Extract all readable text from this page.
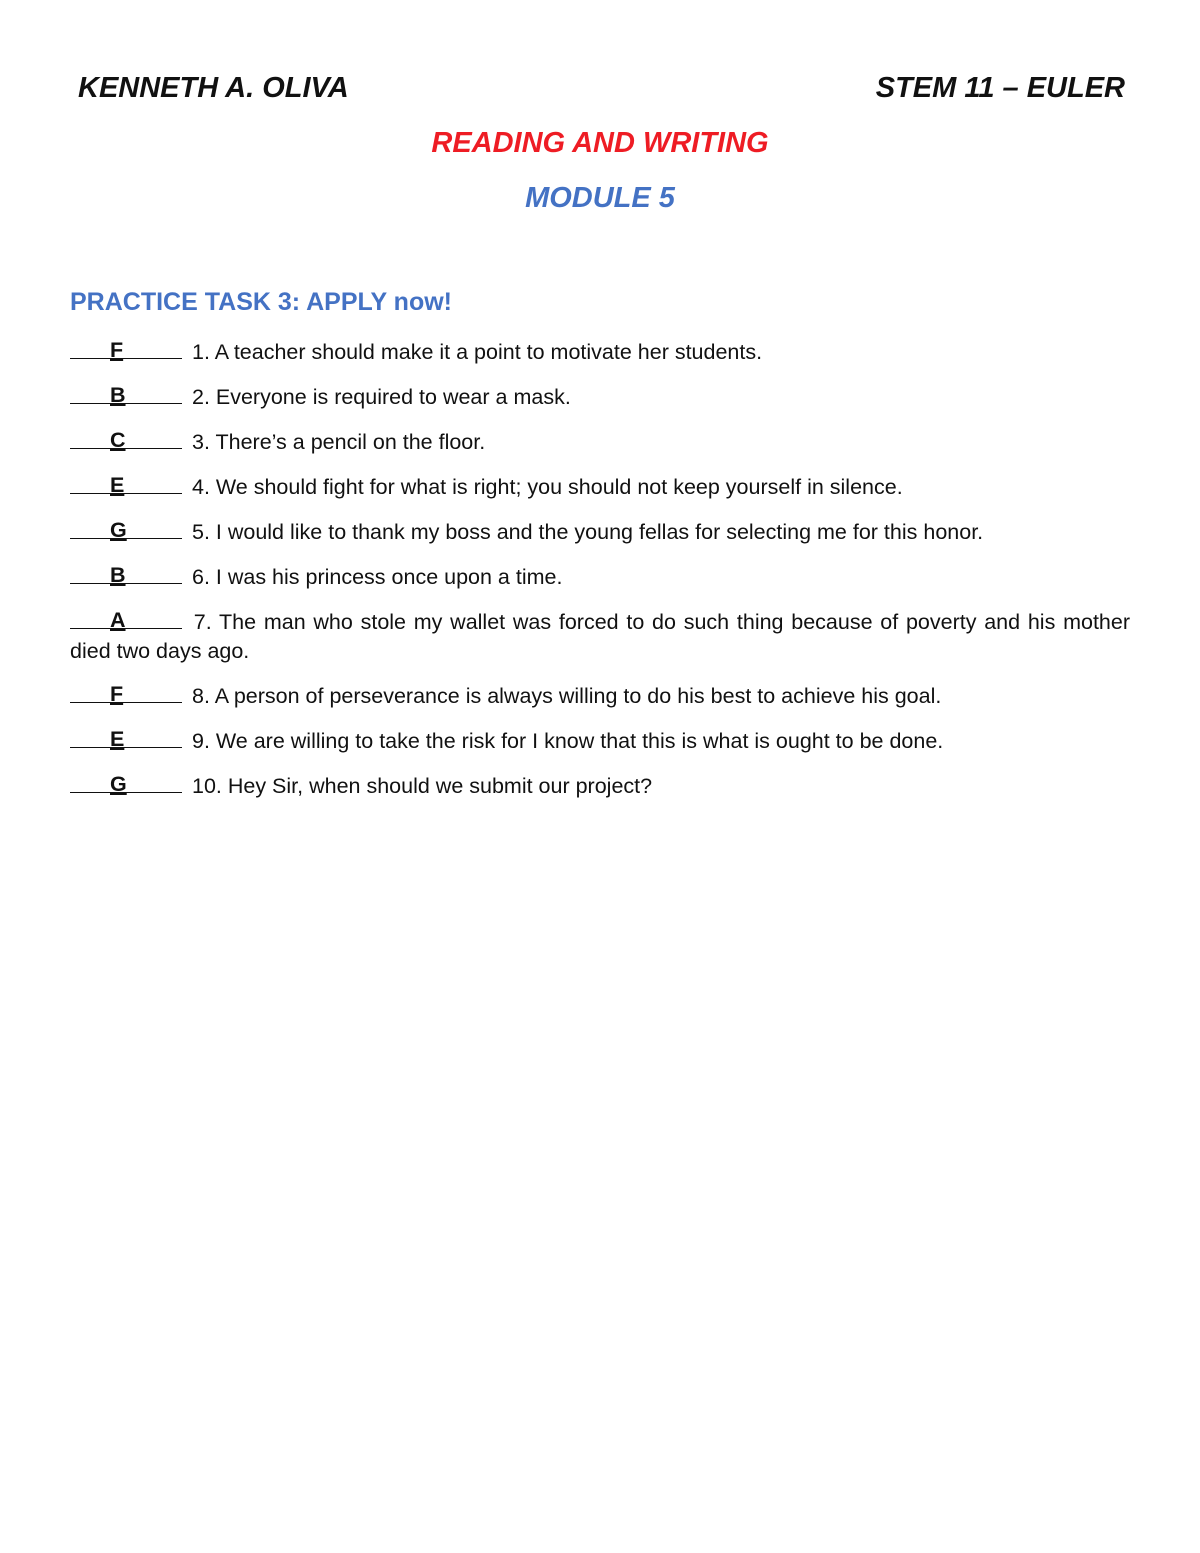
KENNETH A. OLIVA	STEM 11 – EULER
READING AND WRITING
MODULE 5
PRACTICE TASK 3: APPLY now!
F	1. A teacher should make it a point to motivate her students.
B	2. Everyone is required to wear a mask.
C	3. There’s a pencil on the floor.
E	4. We should fight for what is right; you should not keep yourself in silence.
G	5. I would like to thank my boss and the young fellas for selecting me for this honor.
B	6. I was his princess once upon a time.
A	7. The man who stole my wallet was forced to do such thing because of poverty and his mother died two days ago.
F	8. A person of perseverance is always willing to do his best to achieve his goal.
E	9. We are willing to take the risk for I know that this is what is ought to be done.
G	10. Hey Sir, when should we submit our project?
